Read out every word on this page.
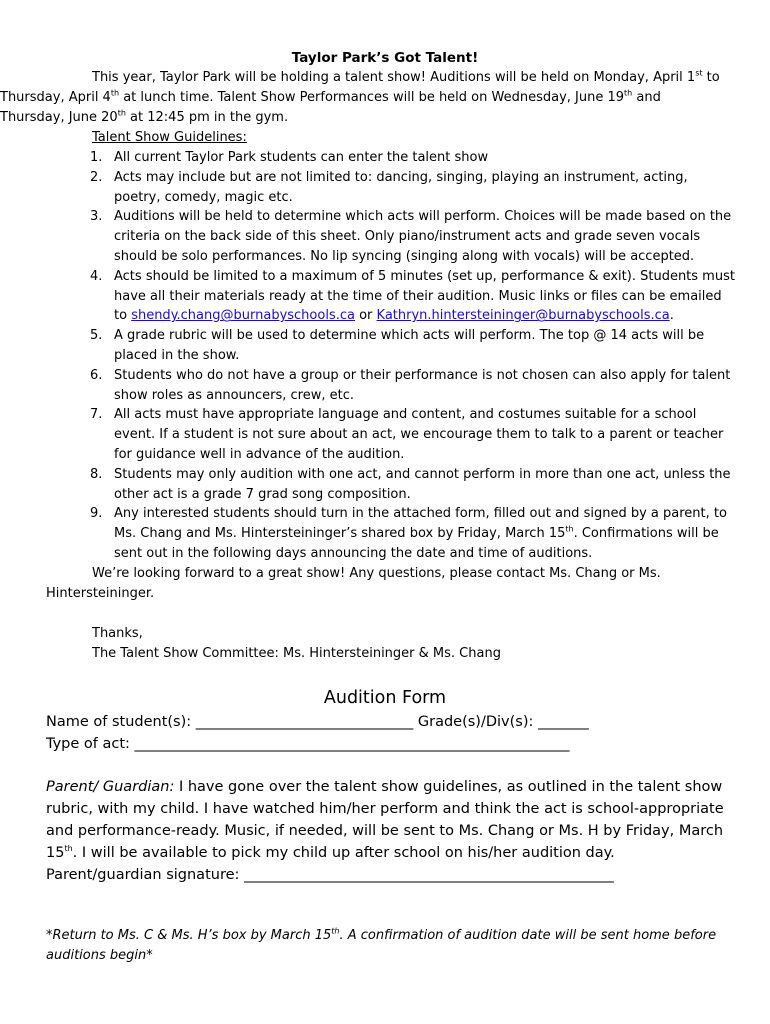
Taylor Park’s Got Talent!
This year, Taylor Park will be holding a talent show! Auditions will be held on Monday, April 1st to
Thursday, April 4th at lunch time. Talent Show Performances will be held on Wednesday, June 19th and
Thursday, June 20th at 12:45 pm in the gym.
Talent Show Guidelines:
1. All current Taylor Park students can enter the talent show
2. Acts may include but are not limited to: dancing, singing, playing an instrument, acting, poetry, comedy, magic etc.
3. Auditions will be held to determine which acts will perform. Choices will be made based on the criteria on the back side of this sheet. Only piano/instrument acts and grade seven vocals should be solo performances. No lip syncing (singing along with vocals) will be accepted.
4. Acts should be limited to a maximum of 5 minutes (set up, performance & exit). Students must have all their materials ready at the time of their audition. Music links or files can be emailed to shendy.chang@burnabyschools.ca or Kathryn.hintersteininger@burnabyschools.ca.
5. A grade rubric will be used to determine which acts will perform. The top @ 14 acts will be placed in the show.
6. Students who do not have a group or their performance is not chosen can also apply for talent show roles as announcers, crew, etc.
7. All acts must have appropriate language and content, and costumes suitable for a school event. If a student is not sure about an act, we encourage them to talk to a parent or teacher for guidance well in advance of the audition.
8. Students may only audition with one act, and cannot perform in more than one act, unless the other act is a grade 7 grad song composition.
9. Any interested students should turn in the attached form, filled out and signed by a parent, to Ms. Chang and Ms. Hintersteininger’s shared box by Friday, March 15th. Confirmations will be sent out in the following days announcing the date and time of auditions.
We’re looking forward to a great show! Any questions, please contact Ms. Chang or Ms. Hintersteininger.
Thanks,
The Talent Show Committee: Ms. Hintersteininger & Ms. Chang
Audition Form
Name of student(s): ______________________________ Grade(s)/Div(s): _______
Type of act: ____________________________________________________________
Parent/ Guardian: I have gone over the talent show guidelines, as outlined in the talent show rubric, with my child. I have watched him/her perform and think the act is school-appropriate and performance-ready. Music, if needed, will be sent to Ms. Chang or Ms. H by Friday, March 15th. I will be available to pick my child up after school on his/her audition day.
Parent/guardian signature: ___________________________________________________
*Return to Ms. C & Ms. H’s box by March 15th. A confirmation of audition date will be sent home before auditions begin*
